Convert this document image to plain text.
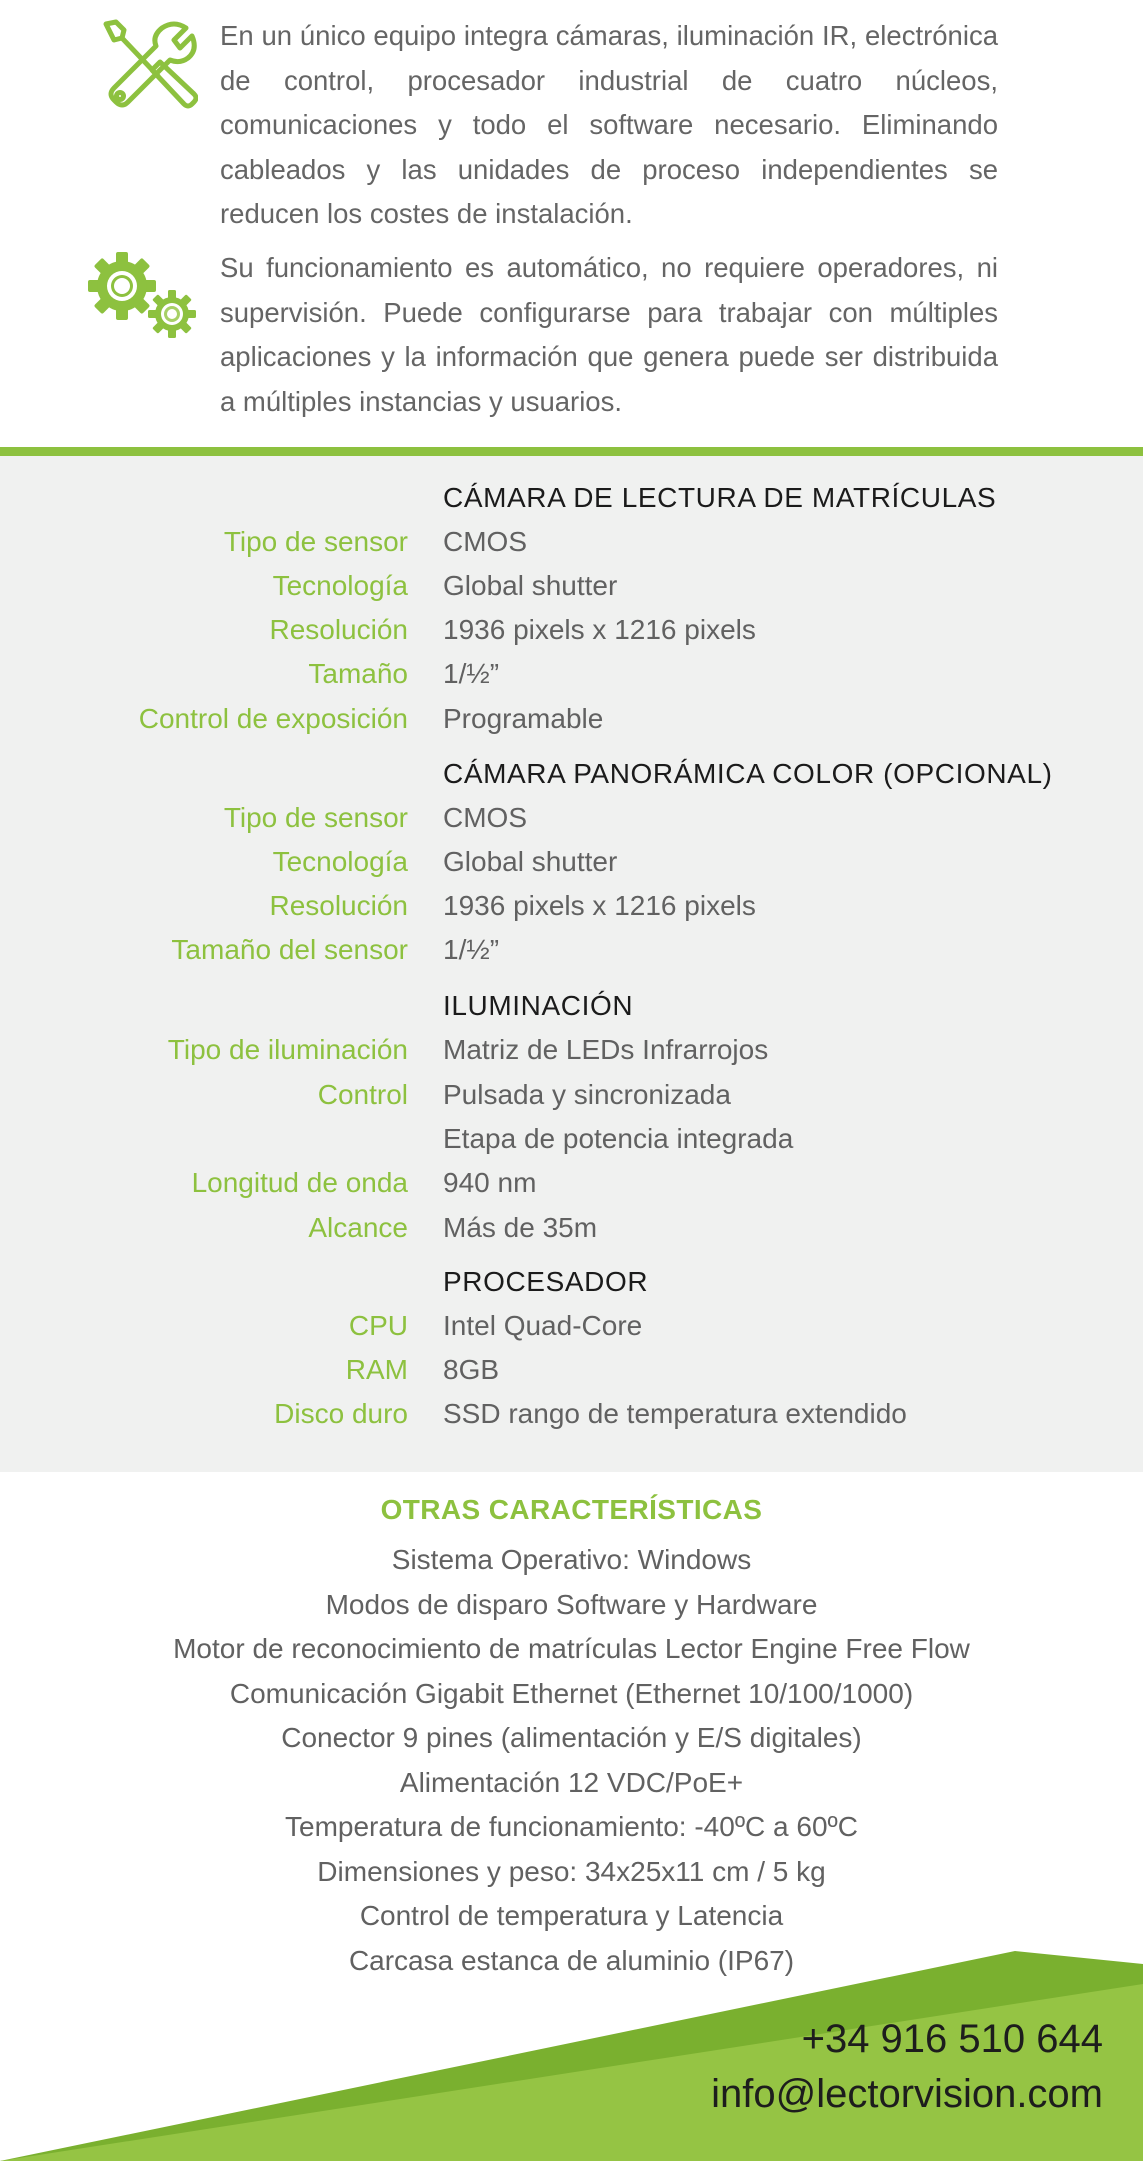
En un único equipo integra cámaras, iluminación IR, electrónica de control, procesador industrial de cuatro núcleos, comunicaciones y todo el software necesario. Eliminando cableados y las unidades de proceso independientes se reducen los costes de instalación.
Su funcionamiento es automático, no requiere operadores, ni supervisión. Puede configurarse para trabajar con múltiples aplicaciones y la información que genera puede ser distribuida a múltiples instancias y usuarios.
CÁMARA DE LECTURA DE MATRÍCULAS
Tipo de sensor CMOS
Tecnología Global shutter
Resolución 1936 pixels x 1216 pixels
Tamaño 1/½”
Control de exposición Programable
CÁMARA PANORÁMICA COLOR (OPCIONAL)
Tipo de sensor CMOS
Tecnología Global shutter
Resolución 1936 pixels x 1216 pixels
Tamaño del sensor 1/½”
ILUMINACIÓN
Tipo de iluminación Matriz de LEDs Infrarrojos
Control Pulsada y sincronizada
Etapa de potencia integrada
Longitud de onda 940 nm
Alcance Más de 35m
PROCESADOR
CPU Intel Quad-Core
RAM 8GB
Disco duro SSD rango de temperatura extendido
OTRAS CARACTERÍSTICAS
Sistema Operativo: Windows
Modos de disparo Software y Hardware
Motor de reconocimiento de matrículas Lector Engine Free Flow
Comunicación Gigabit Ethernet (Ethernet 10/100/1000)
Conector 9 pines (alimentación y E/S digitales)
Alimentación 12 VDC/PoE+
Temperatura de funcionamiento: -40ºC a 60ºC
Dimensiones y peso: 34x25x11 cm / 5 kg
Control de temperatura y Latencia
Carcasa estanca de aluminio (IP67)
+34 916 510 644
info@lectorvision.com
